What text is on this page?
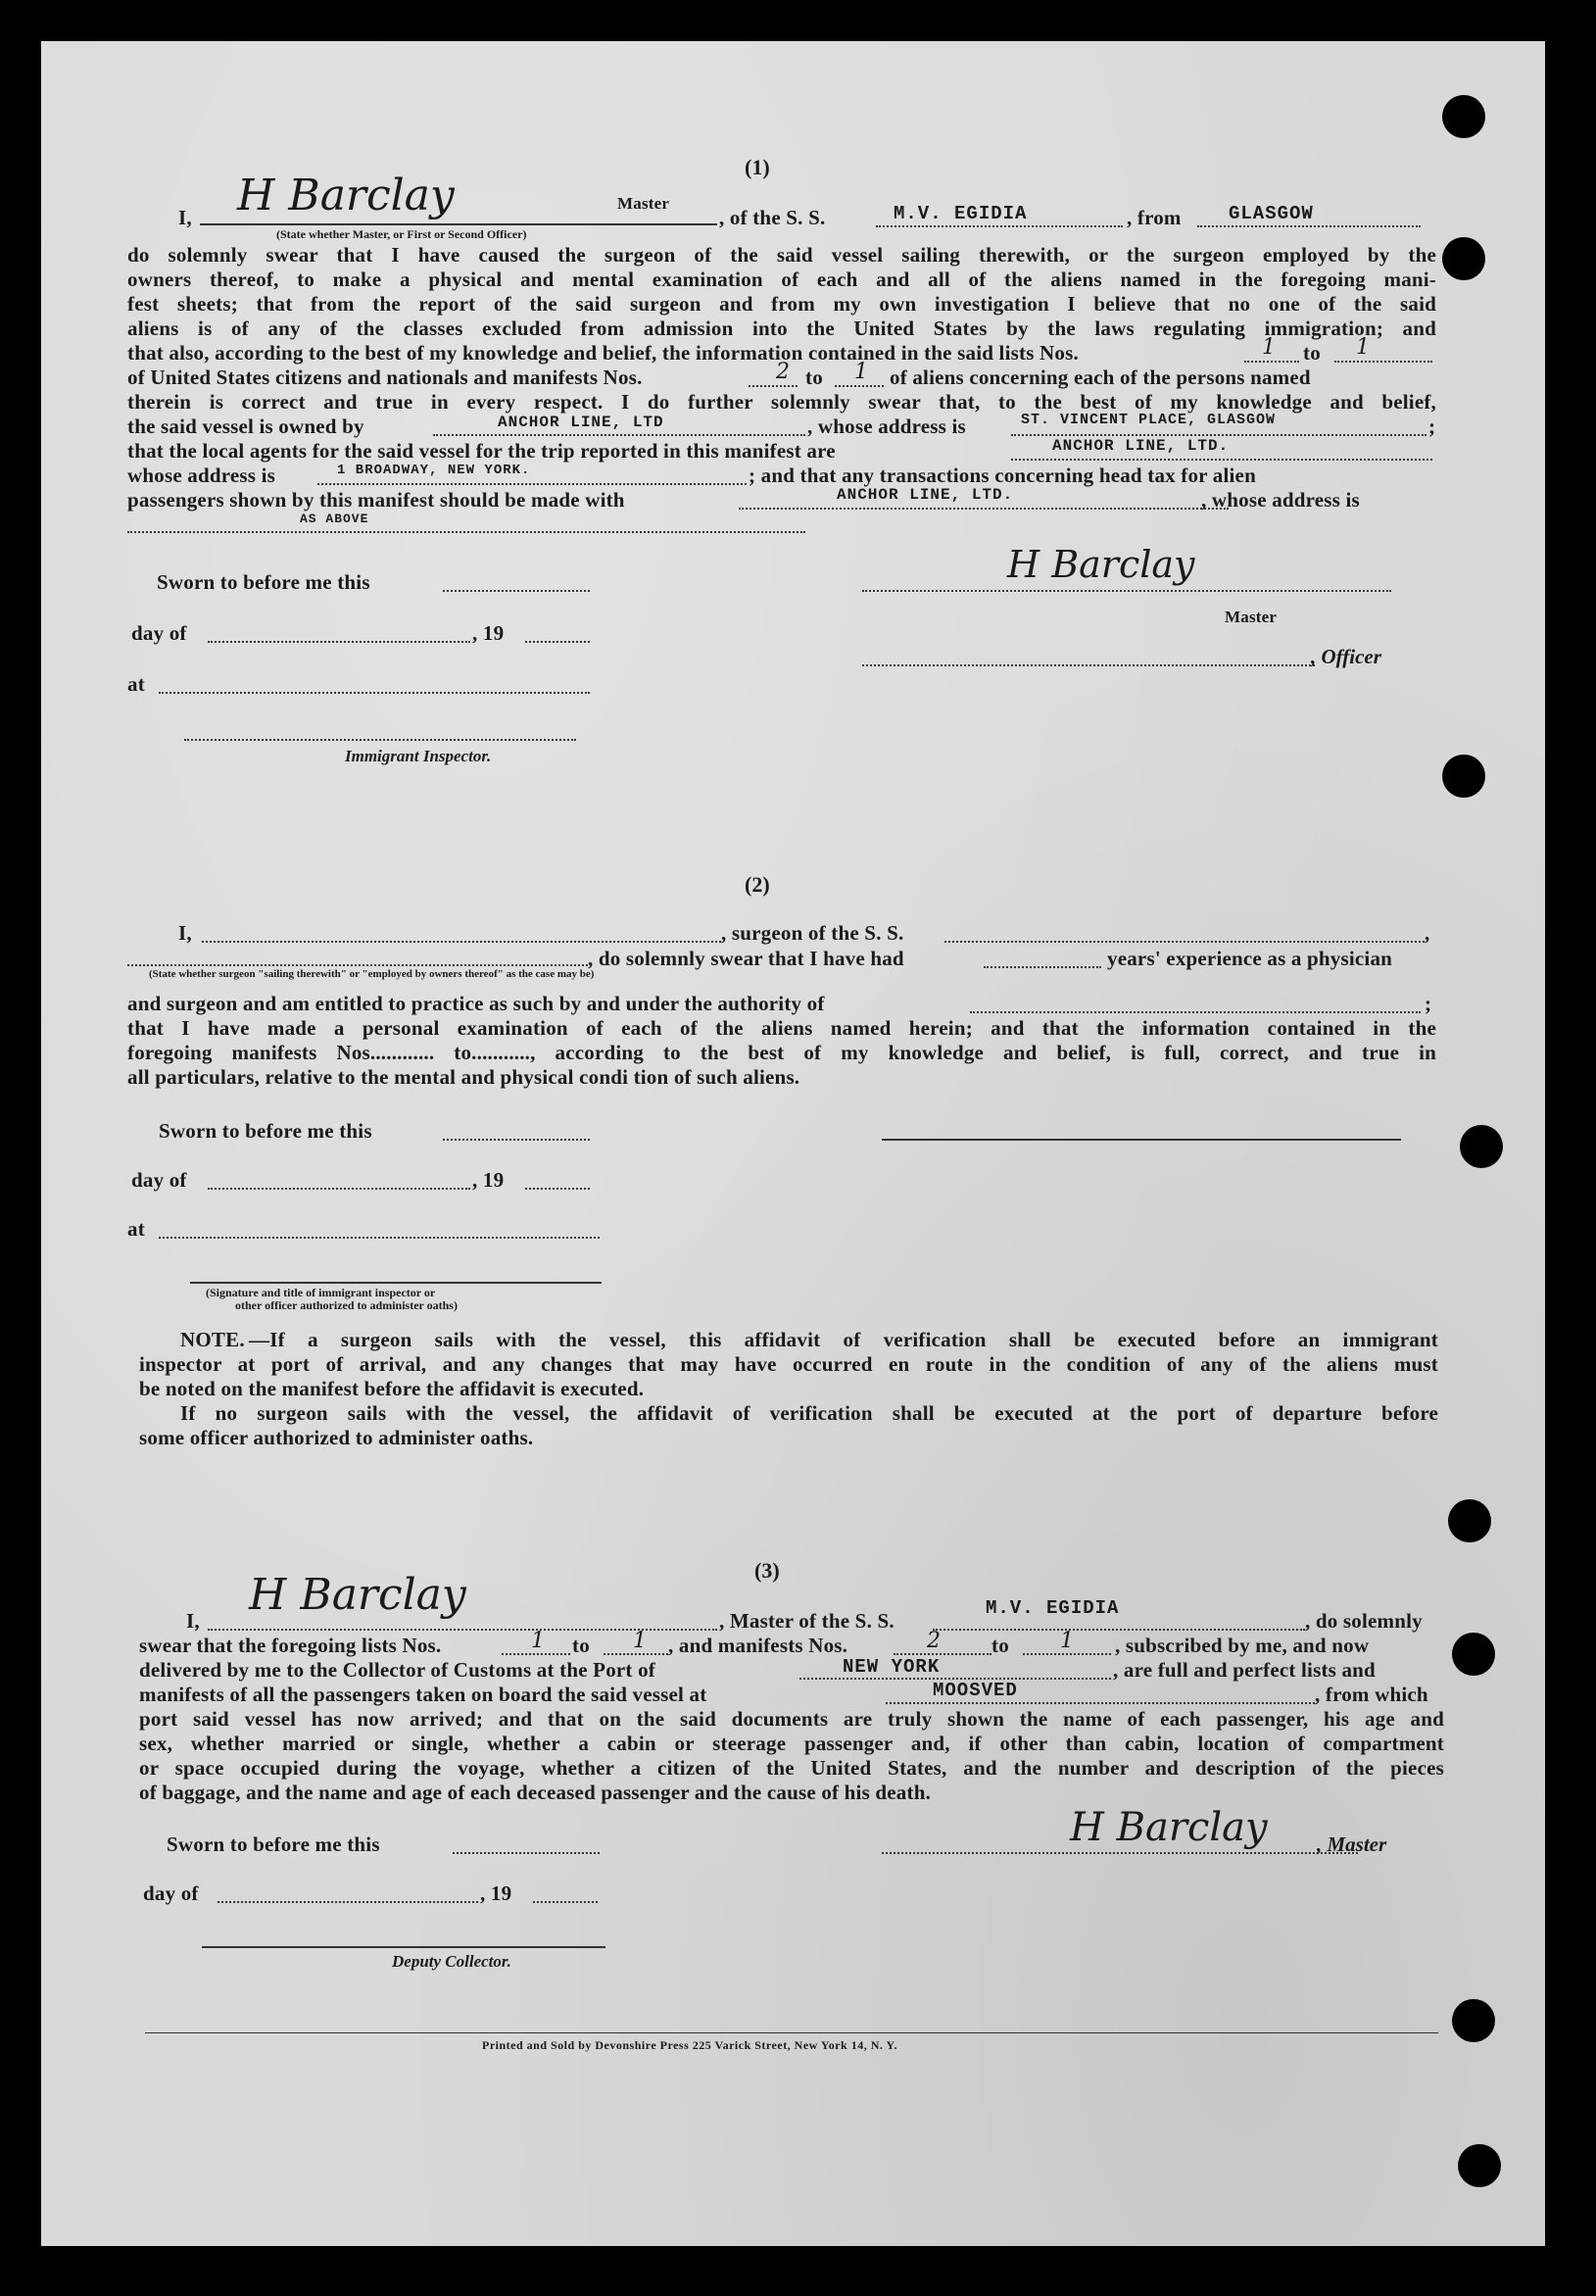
(1)
I, H Barclay	Master
(State whether Master, or First or Second Officer)
, of the S. S.	M.V. EGIDIA	, from	GLASGOW
do solemnly swear that I have caused the surgeon of the said vessel sailing therewith, or the surgeon employed by the
owners thereof, to make a physical and mental examination of each and all of the aliens named in the foregoing mani-
fest sheets; that from the report of the said surgeon and from my own investigation I believe that no one of the said
aliens is of any of the classes excluded from admission into the United States by the laws regulating immigration; and
that also, according to the best of my knowledge and belief, the information contained in the said lists Nos.	1 to 1
of United States citizens and nationals and manifests Nos.	2 to 1 of aliens concerning each of the persons named
therein is correct and true in every respect. I do further solemnly swear that, to the best of my knowledge and belief,
the said vessel is owned by	ANCHOR LINE, LTD	, whose address is	ST. VINCENT PLACE, GLASGOW	;
that the local agents for the said vessel for the trip reported in this manifest are	ANCHOR LINE, LTD.
whose address is	1 BROADWAY, NEW YORK.	; and that any transactions concerning head tax for alien
passengers shown by this manifest should be made with	ANCHOR LINE, LTD.	, whose address is
AS ABOVE
Sworn to before me this
day of	, 19
at
Immigrant Inspector.
H Barclay
Master
, Officer
(2)
I,	, surgeon of the S. S.	,
, do solemnly swear that I have had	years' experience as a physician
(State whether surgeon "sailing therewith" or "employed by owners thereof" as the case may be)
and surgeon and am entitled to practice as such by and under the authority of	;
that I have made a personal examination of each of the aliens named herein; and that the information contained in the
foregoing manifests Nos............ to..........., according to the best of my knowledge and belief, is full, correct, and true in
all particulars, relative to the mental and physical condi tion of such aliens.
Sworn to before me this
day of	, 19
at
(Signature and title of immigrant inspector or
other officer authorized to administer oaths)
NOTE. —If a surgeon sails with the vessel, this affidavit of verification shall be executed before an immigrant
inspector at port of arrival, and any changes that may have occurred en route in the condition of any of the aliens must
be noted on the manifest before the affidavit is executed.
If no surgeon sails with the vessel, the affidavit of verification shall be executed at the port of departure before
some officer authorized to administer oaths.
(3)
I,
H Barclay
, Master of the S. S.
M.V. EGIDIA
, do solemnly
swear that the foregoing lists Nos.	1 to 1 , and manifests Nos.	2 to 1 , subscribed by me, and now
delivered by me to the Collector of Customs at the Port of	NEW YORK	, are full and perfect lists and
manifests of all the passengers taken on board the said vessel at	MOOSVED	, from which
port said vessel has now arrived; and that on the said documents are truly shown the name of each passenger, his age and
sex, whether married or single, whether a cabin or steerage passenger and, if other than cabin, location of compartment
or space occupied during the voyage, whether a citizen of the United States, and the number and description of the pieces
of baggage, and the name and age of each deceased passenger and the cause of his death.
Sworn to before me this	H Barclay , Master
day of	, 19
Deputy Collector.
Printed and Sold by Devonshire Press 225 Varick Street, New York 14, N. Y.
